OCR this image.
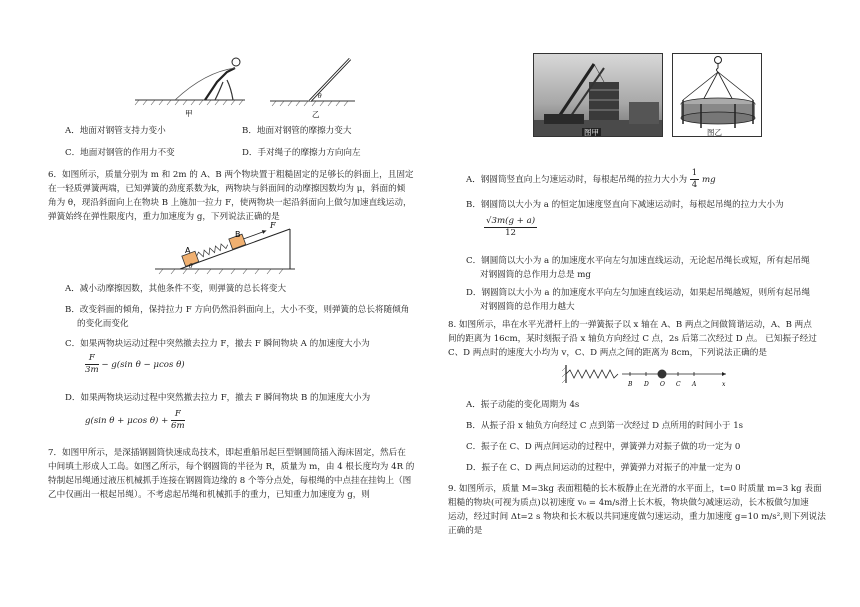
甲
θ
乙
A．地面对钢管支持力变小	B．地面对钢管的摩擦力变大
C．地面对钢管的作用力不变	D．手对绳子的摩擦力方向向左
6．如图所示，质量分别为 m 和 2m 的 A、B 两个物块置于粗糙固定的足够长的斜面上，且固定
在一轻质弹簧两端，已知弹簧的劲度系数为k，两物块与斜面间的动摩擦因数均为 μ，斜面的倾
角为 θ，现沿斜面向上在物块 B 上施加一拉力 F，使两物块一起沿斜面向上做匀加速直线运动，
弹簧始终在弹性限度内，重力加速度为 g，下列说法正确的是
A
B
F
θ
A．减小动摩擦因数，其他条件不变，则弹簧的总长将变大
B．改变斜面的倾角，保持拉力 F 方向仍然沿斜面向上，大小不变，则弹簧的总长将随倾角
的变化而变化
C．如果两物块运动过程中突然撤去拉力 F，撤去 F 瞬间物块 A 的加速度大小为
$\frac{F}{3m} - g(\sin$ θ − μcos θ)
D．如果两物块运动过程中突然撤去拉力 F，撤去 F 瞬间物块 B 的加速度大小为
g(sin θ + μcos $\theta) + \frac{F}{6m}$
7．如图甲所示，是深插钢圆筒快速成岛技术，即起重船吊起巨型钢圆筒插入海床固定，然后在
中间填土形成人工岛。如图乙所示，每个钢圆筒的半径为 R，质量为 m，由 4 根长度均为 4R 的
特制起吊绳通过液压机械抓手连接在钢圆筒边缘的 8 个等分点处，每根绳的中点挂在挂钩上（图
乙中仅画出一根起吊绳）。不考虑起吊绳和机械抓手的重力，已知重力加速度为 g，则
图甲	图乙
A．钢圆筒竖直向上匀速运动时，每根起吊绳的拉力大小为 $\frac{1}{4}$ mg
B．钢圆筒以大小为 a 的恒定加速度竖直向下减速运动时，每根起吊绳的拉力大小为
$\frac{√3m(g + a)}{12}$
C．钢圆筒以大小为 a 的加速度水平向左匀加速直线运动，无论起吊绳长或短，所有起吊绳
对钢圆筒的总作用力总是 mg
D．钢圆筒以大小为 a 的加速度水平向左匀加速直线运动，如果起吊绳越短，则所有起吊绳
对钢圆筒的总作用力越大
8. 如图所示，串在水平光滑杆上的一弹簧振子以 x 轴在 A、B 两点之间做简谐运动，A、B 两点
间的距离为 16cm，某时刻振子沿 x 轴负方向经过 C 点，2s 后第二次经过 D 点。 已知振子经过
C、D 两点时的速度大小均为 v，C、D 两点之间的距离为 8cm，下列说法正确的是
B D O C A	x
A．振子动能的变化周期为 4s
B．从振子沿 x 轴负方向经过 C 点到第一次经过 D 点所用的时间小于 1s
C．振子在 C、D 两点间运动的过程中，弹簧弹力对振子做的功一定为 0
D．振子在 C、D 两点间运动的过程中，弹簧弹力对振子的冲量一定为 0
9. 如图所示，质量 M=3kg 表面粗糙的长木板静止在光滑的水平面上，t=0 时质量 m=3 kg 表面
粗糙的物块(可视为质点)以初速度 v₀ = 4m/s滑上长木板，物块做匀减速运动，长木板做匀加速
运动，经过时间 Δt=2 s 物块和长木板以共同速度做匀速运动，重力加速度 g=10 m/s²,则下列说法
正确的是
